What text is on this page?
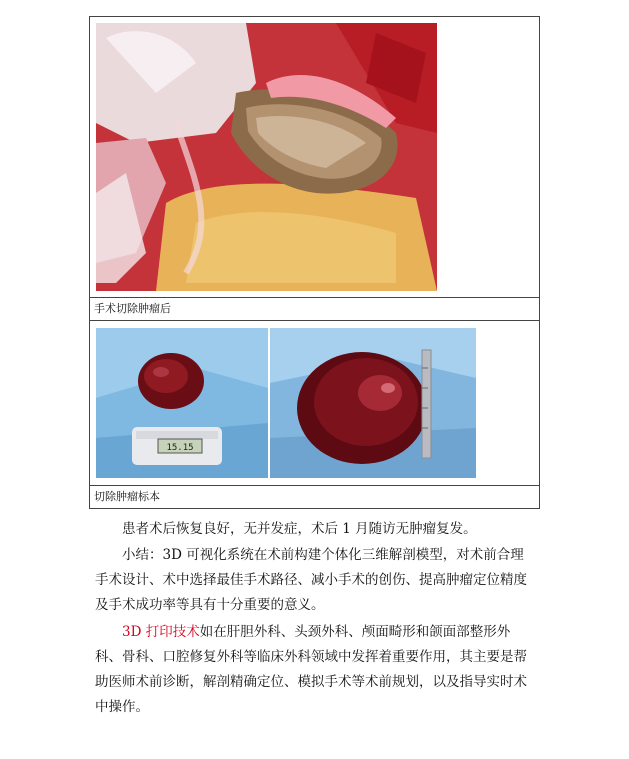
手术切除肿瘤后

15.15

切除肿瘤标本
患者术后恢复良好，无并发症，术后 1 月随访无肿瘤复发。
小结：3D 可视化系统在术前构建个体化三维解剖模型，对术前合理手术设计、术中选择最佳手术路径、减小手术的创伤、提高肿瘤定位精度及手术成功率等具有十分重要的意义。
3D 打印技术如在肝胆外科、头颈外科、颅面畸形和颌面部整形外科、骨科、口腔修复外科等临床外科领域中发挥着重要作用，其主要是帮助医师术前诊断，解剖精确定位、模拟手术等术前规划，以及指导实时术中操作。
